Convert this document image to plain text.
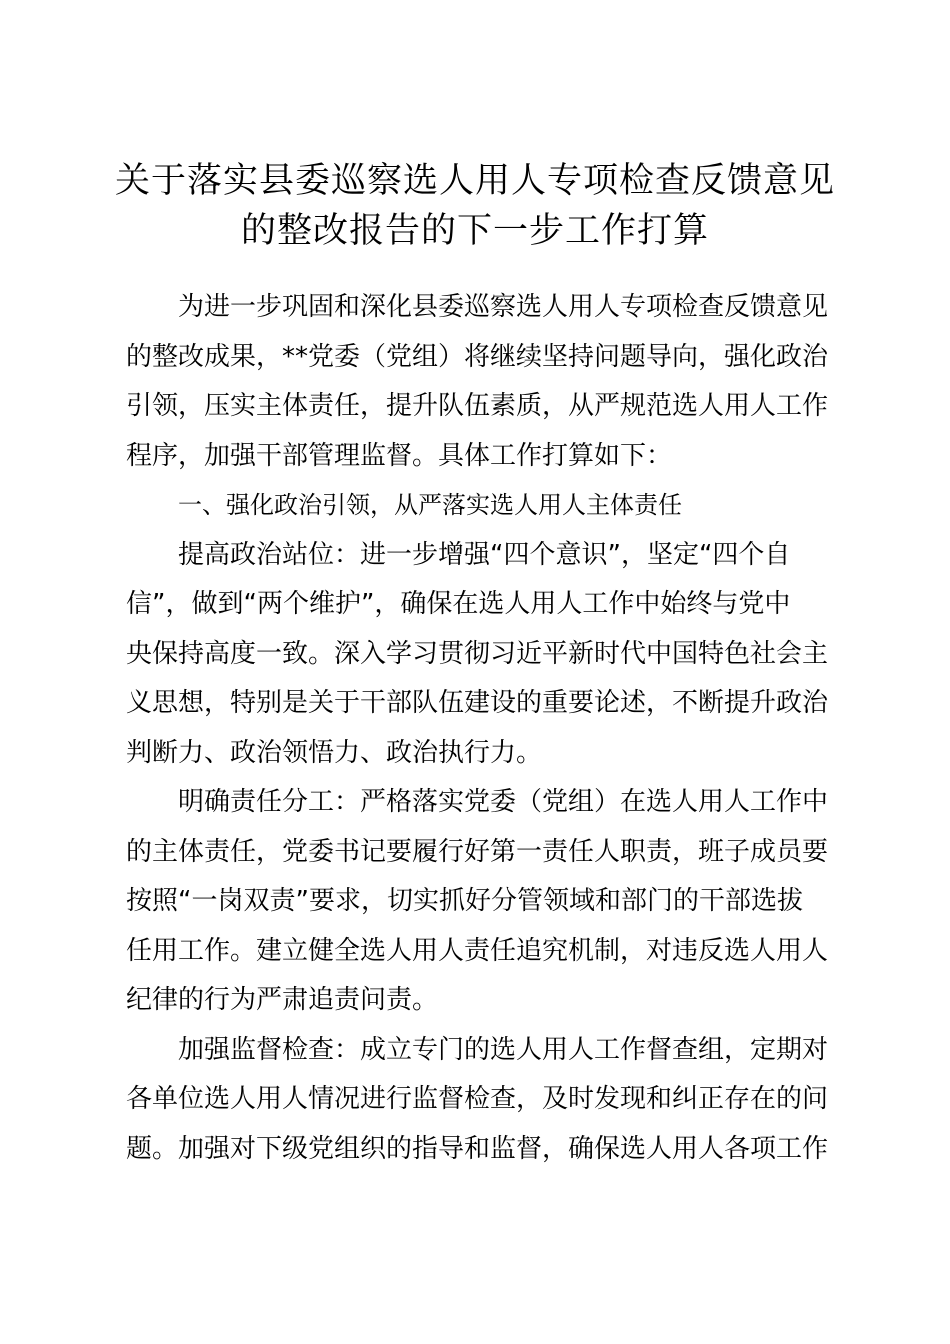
关于落实县委巡察选人用人专项检查反馈意见
的整改报告的下一步工作打算
为进一步巩固和深化县委巡察选人用人专项检查反馈意见
的整改成果，**党委（党组）将继续坚持问题导向，强化政治
引领，压实主体责任，提升队伍素质，从严规范选人用人工作
程序，加强干部管理监督。具体工作打算如下：
一、强化政治引领，从严落实选人用人主体责任
提高政治站位：进一步增强“四个意识”，坚定“四个自
信”，做到“两个维护”，确保在选人用人工作中始终与党中
央保持高度一致。深入学习贯彻习近平新时代中国特色社会主
义思想，特别是关于干部队伍建设的重要论述，不断提升政治
判断力、政治领悟力、政治执行力。
明确责任分工：严格落实党委（党组）在选人用人工作中
的主体责任，党委书记要履行好第一责任人职责，班子成员要
按照“一岗双责”要求，切实抓好分管领域和部门的干部选拔
任用工作。建立健全选人用人责任追究机制，对违反选人用人
纪律的行为严肃追责问责。
加强监督检查：成立专门的选人用人工作督查组，定期对
各单位选人用人情况进行监督检查，及时发现和纠正存在的问
题。加强对下级党组织的指导和监督，确保选人用人各项工作
